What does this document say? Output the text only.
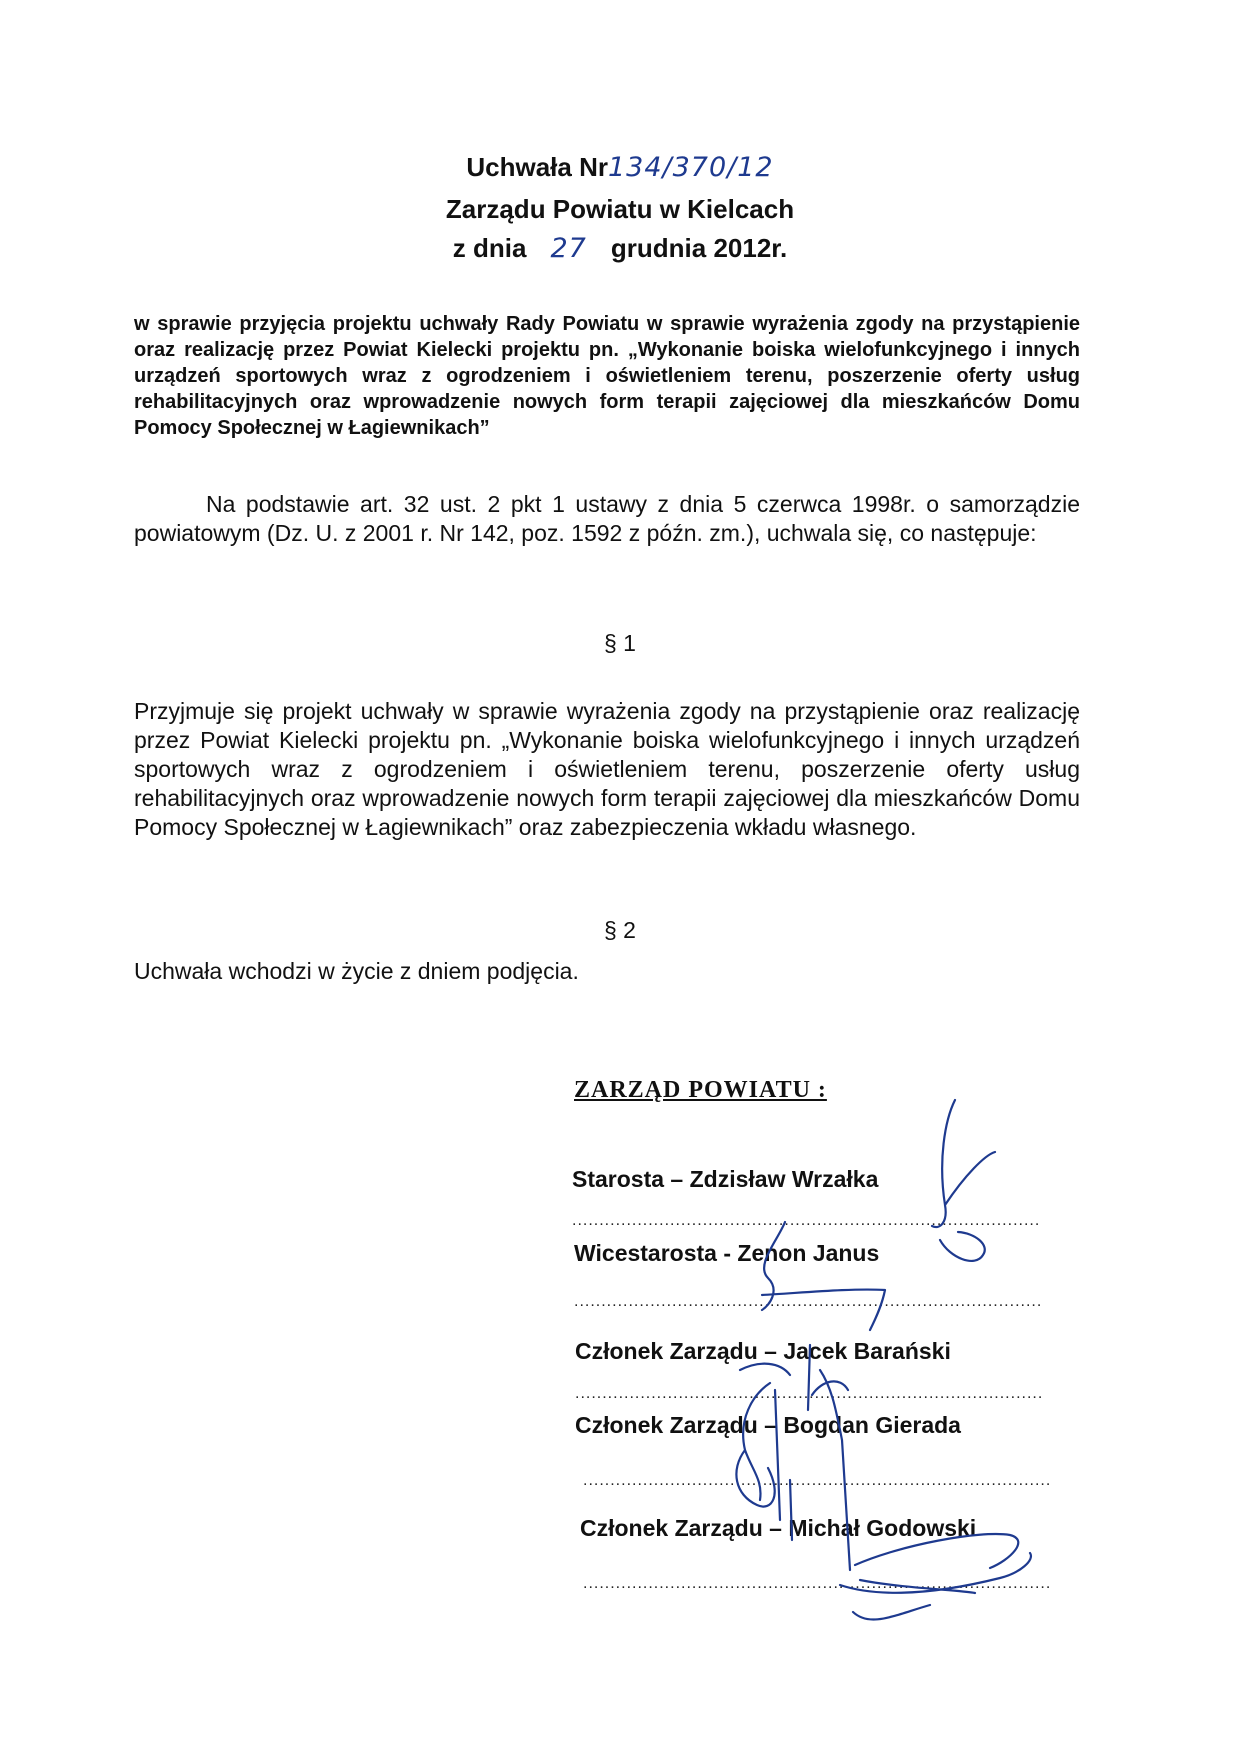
Uchwała Nr134/370/12
Zarządu Powiatu w Kielcach
z dnia 27 grudnia 2012r.
w sprawie przyjęcia projektu uchwały Rady Powiatu w sprawie wyrażenia zgody na przystąpienie oraz realizację przez Powiat Kielecki projektu pn. „Wykonanie boiska wielofunkcyjnego i innych urządzeń sportowych wraz z ogrodzeniem i oświetleniem terenu, poszerzenie oferty usług rehabilitacyjnych oraz wprowadzenie nowych form terapii zajęciowej dla mieszkańców Domu Pomocy Społecznej w Łagiewnikach”
Na podstawie art. 32 ust. 2 pkt 1 ustawy z dnia 5 czerwca 1998r. o samorządzie powiatowym (Dz. U. z 2001 r. Nr 142, poz. 1592 z późn. zm.), uchwala się, co następuje:
§ 1
Przyjmuje się projekt uchwały w sprawie wyrażenia zgody na przystąpienie oraz realizację przez Powiat Kielecki projektu pn. „Wykonanie boiska wielofunkcyjnego i innych urządzeń sportowych wraz z ogrodzeniem i oświetleniem terenu, poszerzenie oferty usług rehabilitacyjnych oraz wprowadzenie nowych form terapii zajęciowej dla mieszkańców Domu Pomocy Społecznej w Łagiewnikach” oraz zabezpieczenia wkładu własnego.
§ 2
Uchwała wchodzi w życie z dniem podjęcia.
ZARZĄD POWIATU :
Starosta – Zdzisław Wrzałka
......................................................................................
Wicestarosta - Zenon Janus
......................................................................................
Członek Zarządu – Jacek Barański
......................................................................................
Członek Zarządu – Bogdan Gierada
......................................................................................
Członek Zarządu – Michał Godowski
......................................................................................
